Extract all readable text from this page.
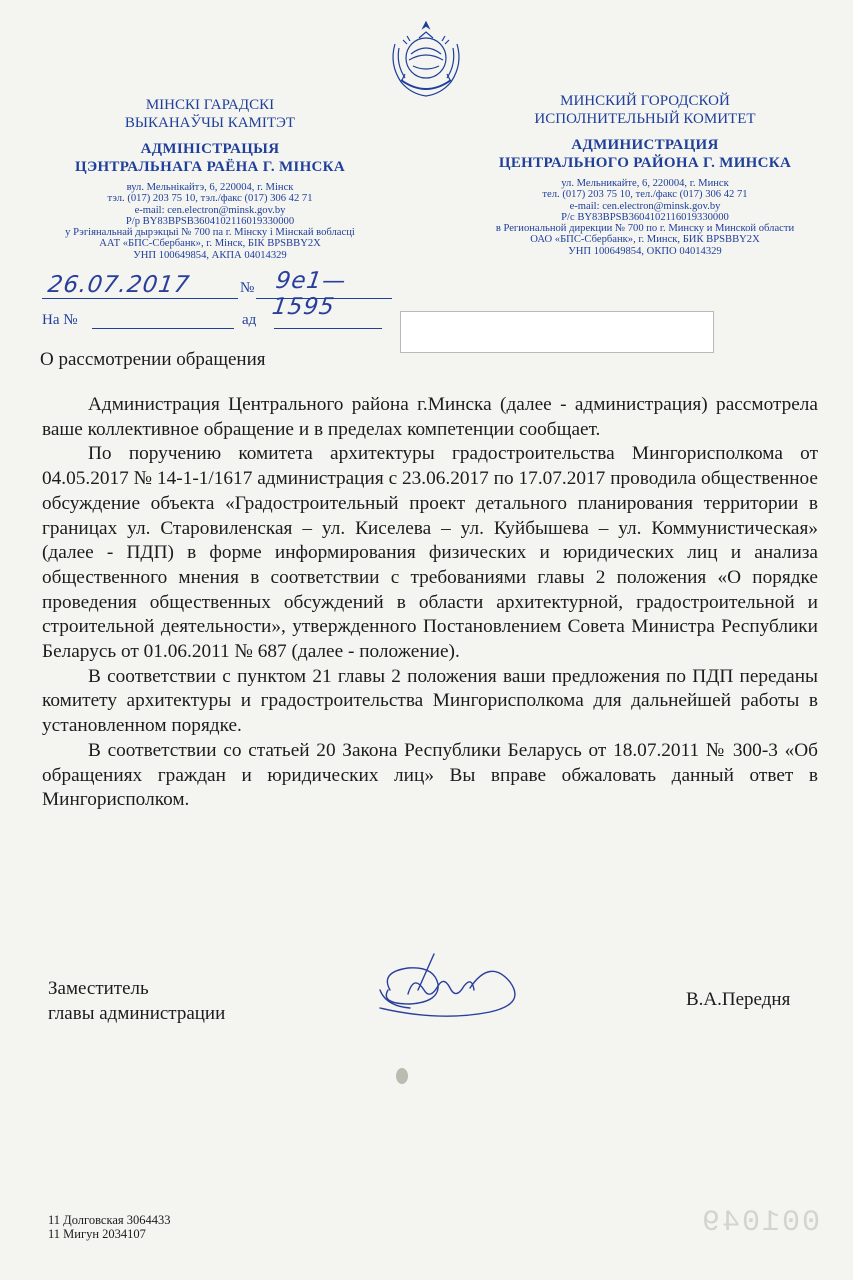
001049
МІНСКІ ГАРАДСКІ
ВЫКАНАЎЧЫ КАМІТЭТ
АДМІНІСТРАЦЫЯ
ЦЭНТРАЛЬНАГА РАЁНА Г. МІНСКА
вул. Мельнікайтэ, 6, 220004, г. Мінск
тэл. (017) 203 75 10, тэл./факс (017) 306 42 71
e-mail: cen.electron@minsk.gov.by
Р/р BY83BPSB3604102116019330000
у Рэгіянальнай дырэкцыі № 700 па г. Мінску і Мінскай вобласці
ААТ «БПС-Сбербанк», г. Мінск, БІК BPSBBY2X
УНП 100649854, АКПА 04014329
МИНСКИЙ ГОРОДСКОЙ
ИСПОЛНИТЕЛЬНЫЙ КОМИТЕТ
АДМИНИСТРАЦИЯ
ЦЕНТРАЛЬНОГО РАЙОНА Г. МИНСКА
ул. Мельникайте, 6, 220004, г. Минск
тел. (017) 203 75 10, тел./факс (017) 306 42 71
e-mail: cen.electron@minsk.gov.by
Р/с BY83BPSB3604102116019330000
в Региональной дирекции № 700 по г. Минску и Минской области
ОАО «БПС-Сбербанк», г. Минск, БИК BPSBBY2X
УНП 100649854, ОКПО 04014329
26.07.2017	№ 9е1—1595
На №	ад
О рассмотрении обращения

Администрация Центрального района г.Минска (далее - администрация) рассмотрела ваше коллективное обращение и в пределах компетенции сообщает.

По поручению комитета архитектуры градостроительства Мингорисполкома от 04.05.2017 № 14-1-1/1617 администрация с 23.06.2017 по 17.07.2017 проводила общественное обсуждение объекта «Градостроительный проект детального планирования территории в границах ул. Старовиленская – ул. Киселева – ул. Куйбышева – ул. Коммунистическая» (далее - ПДП) в форме информирования физических и юридических лиц и анализа общественного мнения в соответствии с требованиями главы 2 положения «О порядке проведения общественных обсуждений в области архитектурной, градостроительной и строительной деятельности», утвержденного Постановлением Совета Министра Республики Беларусь от 01.06.2011 № 687 (далее - положение).

В соответствии с пунктом 21 главы 2 положения ваши предложения по ПДП переданы комитету архитектуры и градостроительства Мингорисполкома для дальнейшей работы в установленном порядке.

В соответствии со статьей 20 Закона Республики Беларусь от 18.07.2011 № 300-3 «Об обращениях граждан и юридических лиц» Вы вправе обжаловать данный ответ в Мингорисполком.

Заместитель
главы администрации
В.А.Передня
11 Долговская 3064433
11 Мигун 2034107
